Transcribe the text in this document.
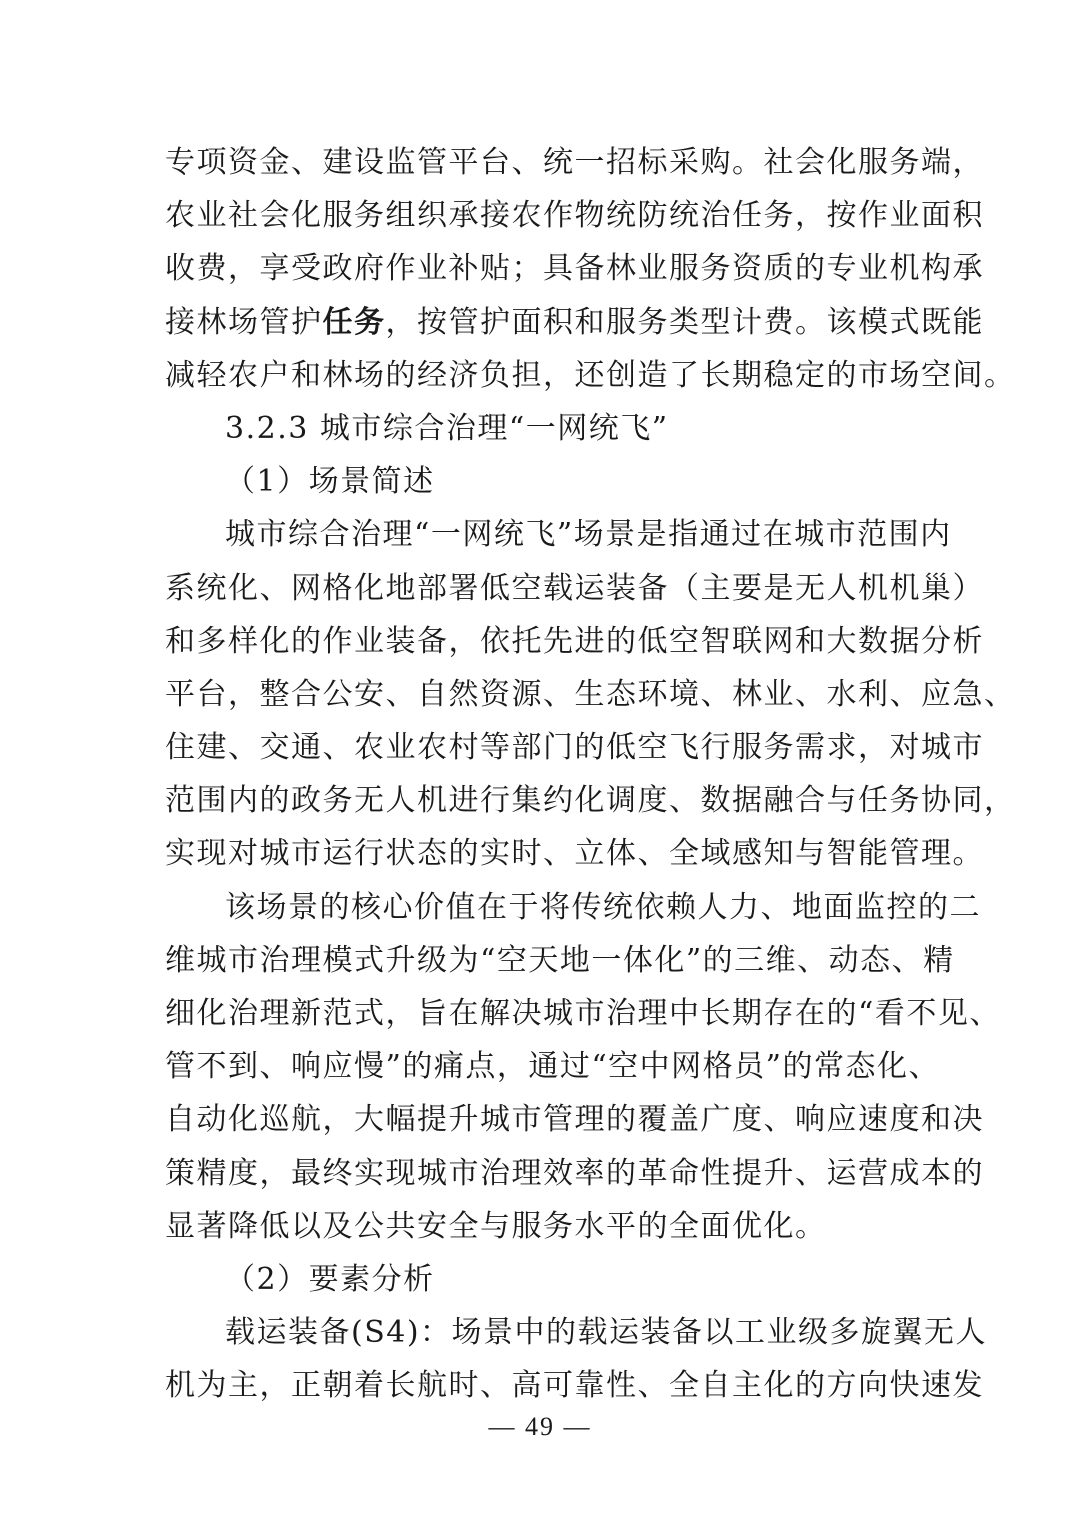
专项资金、建设监管平台、统一招标采购。社会化服务端，
农业社会化服务组织承接农作物统防统治任务，按作业面积
收费，享受政府作业补贴；具备林业服务资质的专业机构承
接林场管护任务，按管护面积和服务类型计费。该模式既能
减轻农户和林场的经济负担，还创造了长期稳定的市场空间。
3.2.3 城市综合治理“一网统飞”
（1）场景简述
城市综合治理“一网统飞”场景是指通过在城市范围内
系统化、网格化地部署低空载运装备（主要是无人机机巢）
和多样化的作业装备，依托先进的低空智联网和大数据分析
平台，整合公安、自然资源、生态环境、林业、水利、应急、
住建、交通、农业农村等部门的低空飞行服务需求，对城市
范围内的政务无人机进行集约化调度、数据融合与任务协同，
实现对城市运行状态的实时、立体、全域感知与智能管理。
该场景的核心价值在于将传统依赖人力、地面监控的二
维城市治理模式升级为“空天地一体化”的三维、动态、精
细化治理新范式，旨在解决城市治理中长期存在的“看不见、
管不到、响应慢”的痛点，通过“空中网格员”的常态化、
自动化巡航，大幅提升城市管理的覆盖广度、响应速度和决
策精度，最终实现城市治理效率的革命性提升、运营成本的
显著降低以及公共安全与服务水平的全面优化。
（2）要素分析
载运装备(S4)：场景中的载运装备以工业级多旋翼无人
机为主，正朝着长航时、高可靠性、全自主化的方向快速发
— 49 —
